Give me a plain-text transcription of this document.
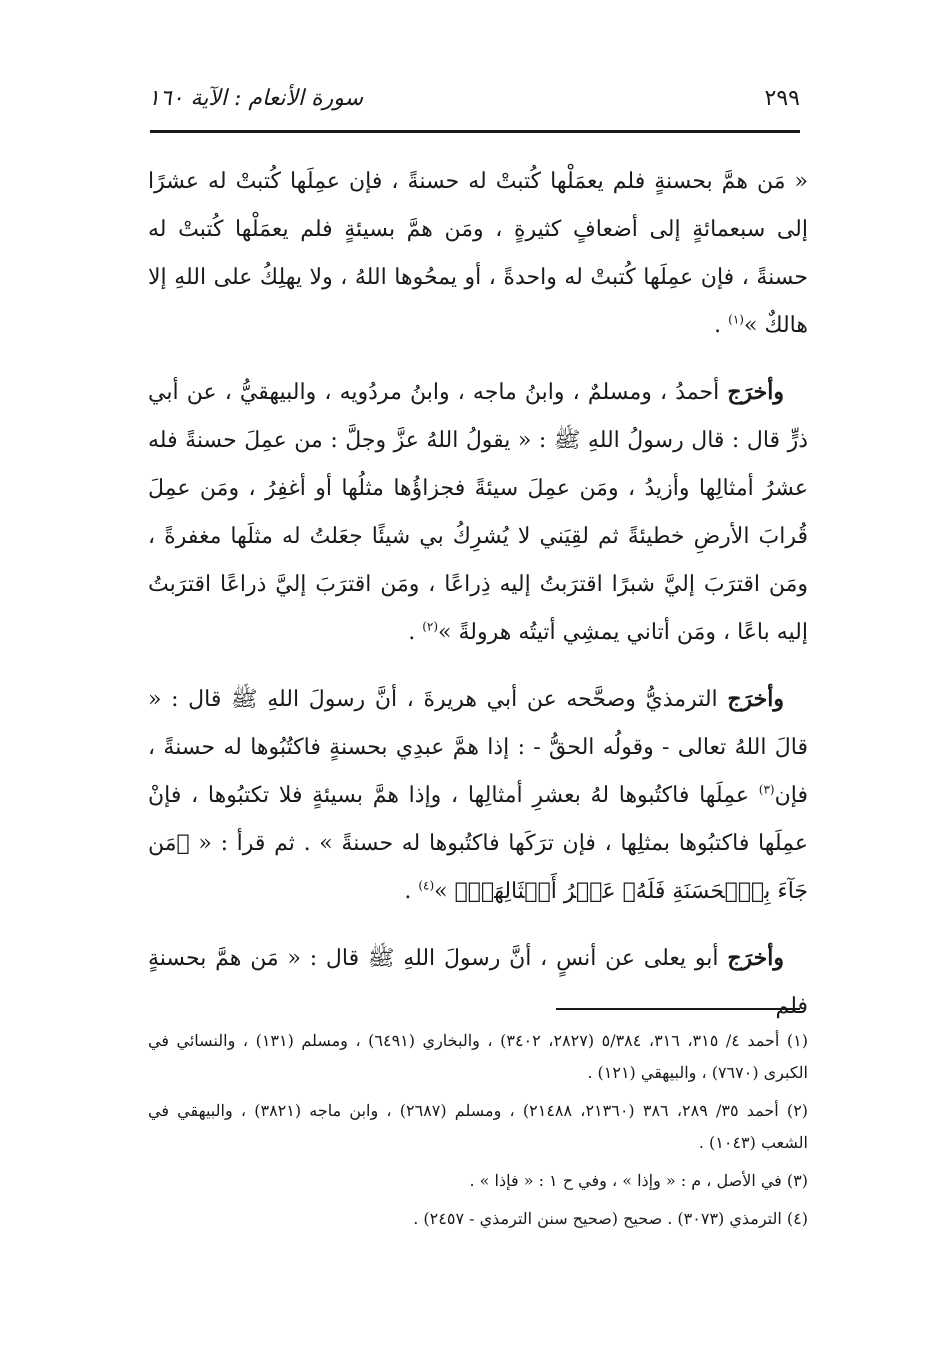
٢٩٩
سورة الأنعام : الآية ١٦٠

« مَن همَّ بحسنةٍ فلم يعمَلْها كُتبتْ له حسنةً ، فإن عمِلَها كُتبتْ له عشرًا إلى سبعمائةٍ إلى أضعافٍ كثيرةٍ ، ومَن همَّ بسيئةٍ فلم يعمَلْها كُتبتْ له حسنةً ، فإن عمِلَها كُتبتْ له واحدةً ، أو يمحُوها اللهُ ، ولا يهلِكُ على اللهِ إلا هالكٌ »$^{(١)}$ .

وأخرَج أحمدُ ، ومسلمٌ ، وابنُ ماجه ، وابنُ مردُويه ، والبيهقيُّ ، عن أبي ذرٍّ قال : قال رسولُ اللهِ ﷺ : « يقولُ اللهُ عزَّ وجلَّ : من عمِلَ حسنةً فله عشرُ أمثالِها وأزيدُ ، ومَن عمِلَ سيئةً فجزاؤُها مثلُها أو أغفِرُ ، ومَن عمِلَ قُرابَ الأرضِ خطيئةً ثم لقِيَني لا يُشرِكُ بي شيئًا جعَلتُ له مثلَها مغفرةً ، ومَن اقترَبَ إليَّ شبرًا اقترَبتُ إليه ذِراعًا ، ومَن اقترَبَ إليَّ ذراعًا اقترَبتُ إليه باعًا ، ومَن أتاني يمشِي أتيتُه هرولةً »$^{(٢)}$ .

وأخرَج الترمذيُّ وصحَّحه عن أبي هريرةَ ، أنَّ رسولَ اللهِ ﷺ قال : « قالَ اللهُ تعالى - وقولُه الحقُّ - : إذا همَّ عبدِي بحسنةٍ فاكتُبُوها له حسنةً ، فإن$^{(٣)}$ عمِلَها فاكتُبوها لهُ بعشرِ أمثالِها ، وإذا همَّ بسيئةٍ فلا تكتبُوها ، فإنْ عمِلَها فاكتبُوها بمثلِها ، فإن ترَكَها فاكتُبوها له حسنةً » . ثم قرأ : « ﴿مَن جَآءَ بِٱلۡحَسَنَةِ فَلَهُۥ عَشۡرُ أَمۡثَالِهَاۖ﴾ »$^{(٤)}$ .

وأخرَج أبو يعلى عن أنسٍ ، أنَّ رسولَ اللهِ ﷺ قال : « مَن همَّ بحسنةٍ فلم

(١) أحمد ٤/ ٣١٥، ٣١٦، ٥/٣٨٤ (٢٨٢٧، ٣٤٠٢) ، والبخاري (٦٤٩١) ، ومسلم (١٣١) ، والنسائي في الكبرى (٧٦٧٠) ، والبيهقي (١٢١) .

(٢) أحمد ٣٥/ ٢٨٩، ٣٨٦ (٢١٣٦٠، ٢١٤٨٨) ، ومسلم (٢٦٨٧) ، وابن ماجه (٣٨٢١) ، والبيهقي في الشعب (١٠٤٣) .

(٣) في الأصل ، م : « وإذا » ، وفي ح ١ : « فإذا » .

(٤) الترمذي (٣٠٧٣) . صحيح (صحيح سنن الترمذي - ٢٤٥٧) .
